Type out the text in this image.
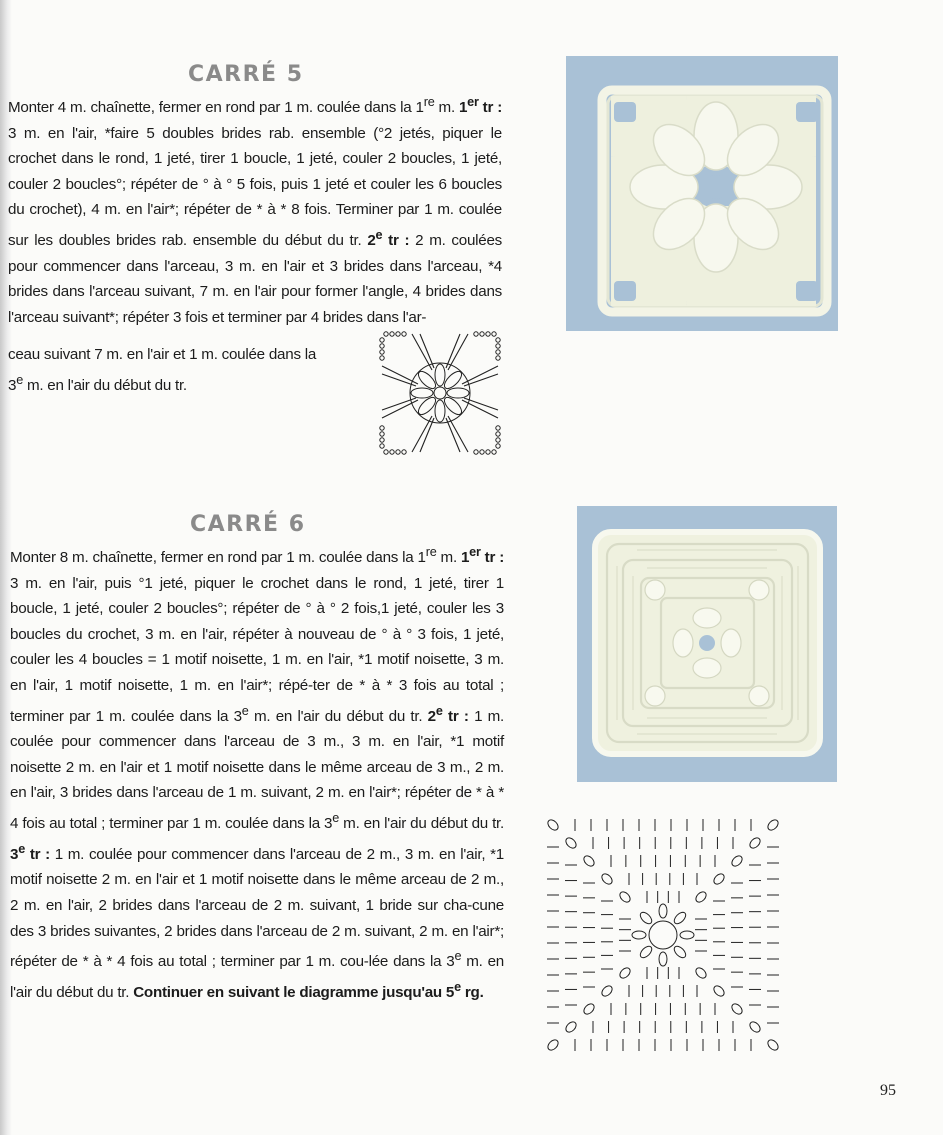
CARRÉ 5
Monter 4 m. chaînette, fermer en rond par 1 m. coulée dans la 1re m. 1er tr : 3 m. en l'air, *faire 5 doubles brides rab. ensemble (°2 jetés, piquer le crochet dans le rond, 1 jeté, tirer 1 boucle, 1 jeté, couler 2 boucles, 1 jeté, couler 2 boucles°; répéter de ° à ° 5 fois, puis 1 jeté et couler les 6 boucles du crochet), 4 m. en l'air*; répéter de * à * 8 fois. Terminer par 1 m. coulée sur les doubles brides rab. ensemble du début du tr. 2e tr : 2 m. coulées pour commencer dans l'arceau, 3 m. en l'air et 3 brides dans l'arceau, *4 brides dans l'arceau suivant, 7 m. en l'air pour former l'angle, 4 brides dans l'arceau suivant*; répéter 3 fois et terminer par 4 brides dans l'ar-
ceau suivant 7 m. en l'air et 1 m. coulée dans la
3e m. en l'air du début du tr.
CARRÉ 6
Monter 8 m. chaînette, fermer en rond par 1 m. coulée dans la 1re m. 1er tr : 3 m. en l'air, puis °1 jeté, piquer le crochet dans le rond, 1 jeté, tirer 1 boucle, 1 jeté, couler 2 boucles°; répéter de ° à ° 2 fois,1 jeté, couler les 3 boucles du crochet, 3 m. en l'air, répéter à nouveau de ° à ° 3 fois, 1 jeté, couler les 4 boucles = 1 motif noisette, 1 m. en l'air, *1 motif noisette, 3 m. en l'air, 1 motif noisette, 1 m. en l'air*; répé-ter de * à * 3 fois au total ; terminer par 1 m. coulée dans la 3e m. en l'air du début du tr. 2e tr : 1 m. coulée pour commencer dans l'arceau de 3 m., 3 m. en l'air, *1 motif noisette 2 m. en l'air et 1 motif noisette dans le même arceau de 3 m., 2 m. en l'air, 3 brides dans l'arceau de 1 m. suivant, 2 m. en l'air*; répéter de * à * 4 fois au total ; terminer par 1 m. coulée dans la 3e m. en l'air du début du tr. 3e tr : 1 m. coulée pour commencer dans l'arceau de 2 m., 3 m. en l'air, *1 motif noisette 2 m. en l'air et 1 motif noisette dans le même arceau de 2 m., 2 m. en l'air, 2 brides dans l'arceau de 2 m. suivant, 1 bride sur cha-cune des 3 brides suivantes, 2 brides dans l'arceau de 2 m. suivant, 2 m. en l'air*; répéter de * à * 4 fois au total ; terminer par 1 m. cou-lée dans la 3e m. en l'air du début du tr. Continuer en suivant le diagramme jusqu'au 5e rg.

95
